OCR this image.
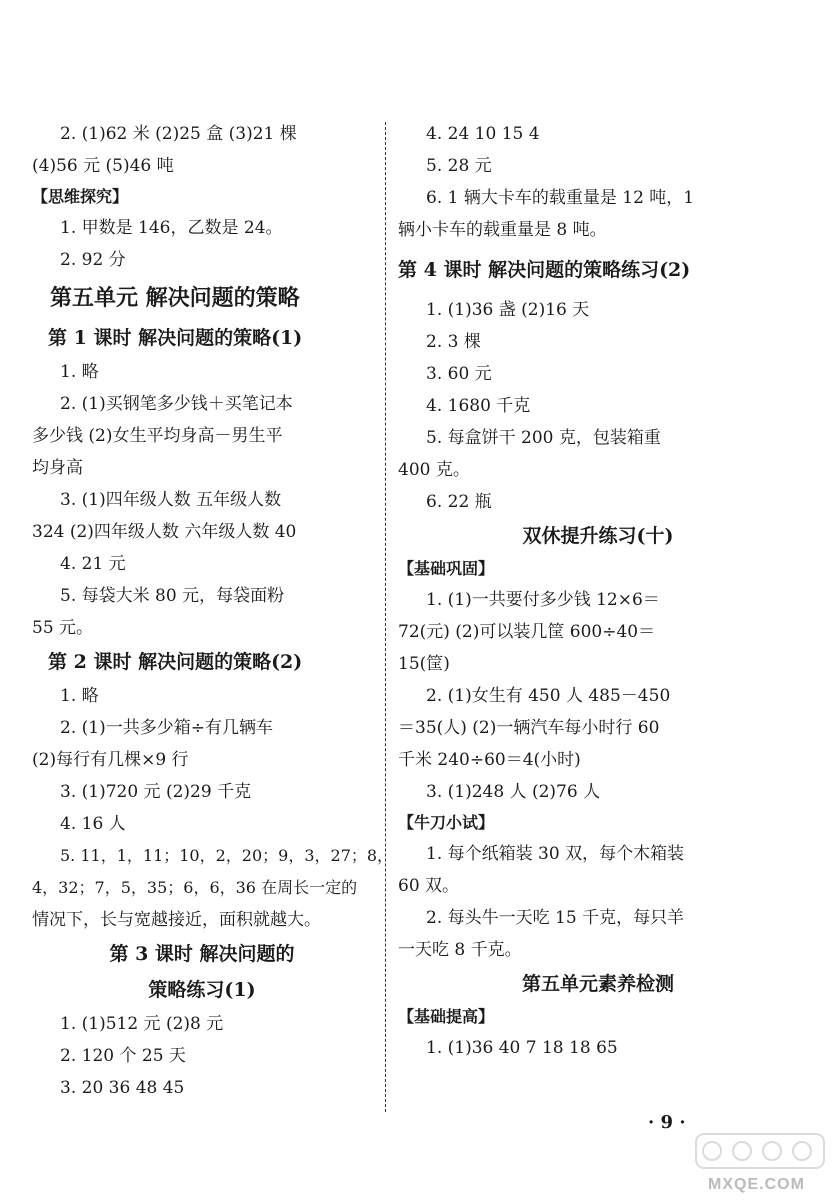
2. (1)62 米 (2)25 盒 (3)21 棵
(4)56 元 (5)46 吨
【思维探究】
1. 甲数是 146，乙数是 24。
2. 92 分
第五单元 解决问题的策略
第 1 课时 解决问题的策略(1)
1. 略
2. (1)买钢笔多少钱＋买笔记本
多少钱 (2)女生平均身高－男生平
均身高
3. (1)四年级人数 五年级人数
324 (2)四年级人数 六年级人数 40
4. 21 元
5. 每袋大米 80 元，每袋面粉
55 元。
第 2 课时 解决问题的策略(2)
1. 略
2. (1)一共多少箱÷有几辆车
(2)每行有几棵×9 行
3. (1)720 元 (2)29 千克
4. 16 人
5. 11，1，11；10，2，20；9，3，27；8，
4，32；7，5，35；6，6，36 在周长一定的
情况下，长与宽越接近，面积就越大。
第 3 课时 解决问题的
策略练习(1)
1. (1)512 元 (2)8 元
2. 120 个 25 天
3. 20 36 48 45
4. 24 10 15 4
5. 28 元
6. 1 辆大卡车的载重量是 12 吨，1
辆小卡车的载重量是 8 吨。
第 4 课时 解决问题的策略练习(2)
1. (1)36 盏 (2)16 天
2. 3 棵
3. 60 元
4. 1680 千克
5. 每盒饼干 200 克，包装箱重
400 克。
6. 22 瓶
双休提升练习(十)
【基础巩固】
1. (1)一共要付多少钱 12×6＝
72(元) (2)可以装几筐 600÷40＝
15(筐)
2. (1)女生有 450 人 485－450
＝35(人) (2)一辆汽车每小时行 60
千米 240÷60＝4(小时)
3. (1)248 人 (2)76 人
【牛刀小试】
1. 每个纸箱装 30 双，每个木箱装
60 双。
2. 每头牛一天吃 15 千克，每只羊
一天吃 8 千克。
第五单元素养检测
【基础提高】
1. (1)36 40 7 18 18 65
· 9 ·
MXQE.COM
